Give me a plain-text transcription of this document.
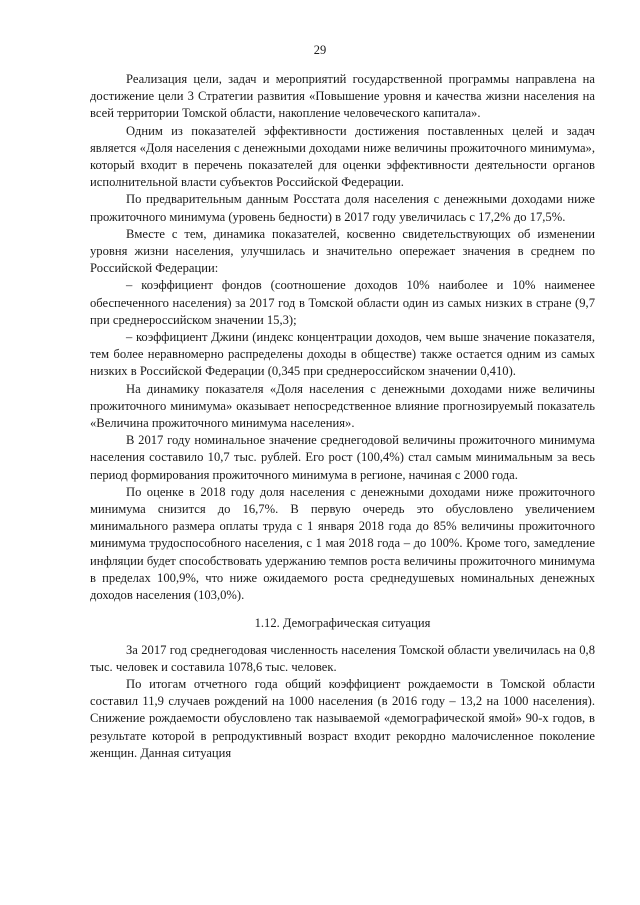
29

Реализация цели, задач и мероприятий государственной программы направлена на достижение цели 3 Стратегии развития «Повышение уровня и качества жизни населения на всей территории Томской области, накопление человеческого капитала».

Одним из показателей эффективности достижения поставленных целей и задач является «Доля населения с денежными доходами ниже величины прожиточного минимума», который входит в перечень показателей для оценки эффективности деятельности органов исполнительной власти субъектов Российской Федерации.

По предварительным данным Росстата доля населения с денежными доходами ниже прожиточного минимума (уровень бедности) в 2017 году увеличилась с 17,2% до 17,5%.

Вместе с тем, динамика показателей, косвенно свидетельствующих об изменении уровня жизни населения, улучшилась и значительно опережает значения в среднем по Российской Федерации:

– коэффициент фондов (соотношение доходов 10% наиболее и 10% наименее обеспеченного населения) за 2017 год в Томской области один из самых низких в стране (9,7 при среднероссийском значении 15,3);

– коэффициент Джини (индекс концентрации доходов, чем выше значение показателя, тем более неравномерно распределены доходы в обществе) также остается одним из самых низких в Российской Федерации (0,345 при среднероссийском значении 0,410).

На динамику показателя «Доля населения с денежными доходами ниже величины прожиточного минимума» оказывает непосредственное влияние прогнозируемый показатель «Величина прожиточного минимума населения».

В 2017 году номинальное значение среднегодовой величины прожиточного минимума населения составило 10,7 тыс. рублей. Его рост (100,4%) стал самым минимальным за весь период формирования прожиточного минимума в регионе, начиная с 2000 года.

По оценке в 2018 году доля населения с денежными доходами ниже прожиточного минимума снизится до 16,7%. В первую очередь это обусловлено увеличением минимального размера оплаты труда с 1 января 2018 года до 85% величины прожиточного минимума трудоспособного населения, с 1 мая 2018 года – до 100%. Кроме того, замедление инфляции будет способствовать удержанию темпов роста величины прожиточного минимума в пределах 100,9%, что ниже ожидаемого роста среднедушевых номинальных денежных доходов населения (103,0%).

1.12. Демографическая ситуация

За 2017 год среднегодовая численность населения Томской области увеличилась на 0,8 тыс. человек и составила 1078,6 тыс. человек.

По итогам отчетного года общий коэффициент рождаемости в Томской области составил 11,9 случаев рождений на 1000 населения (в 2016 году – 13,2 на 1000 населения). Снижение рождаемости обусловлено так называемой «демографической ямой» 90-х годов, в результате которой в репродуктивный возраст входит рекордно малочисленное поколение женщин. Данная ситуация
